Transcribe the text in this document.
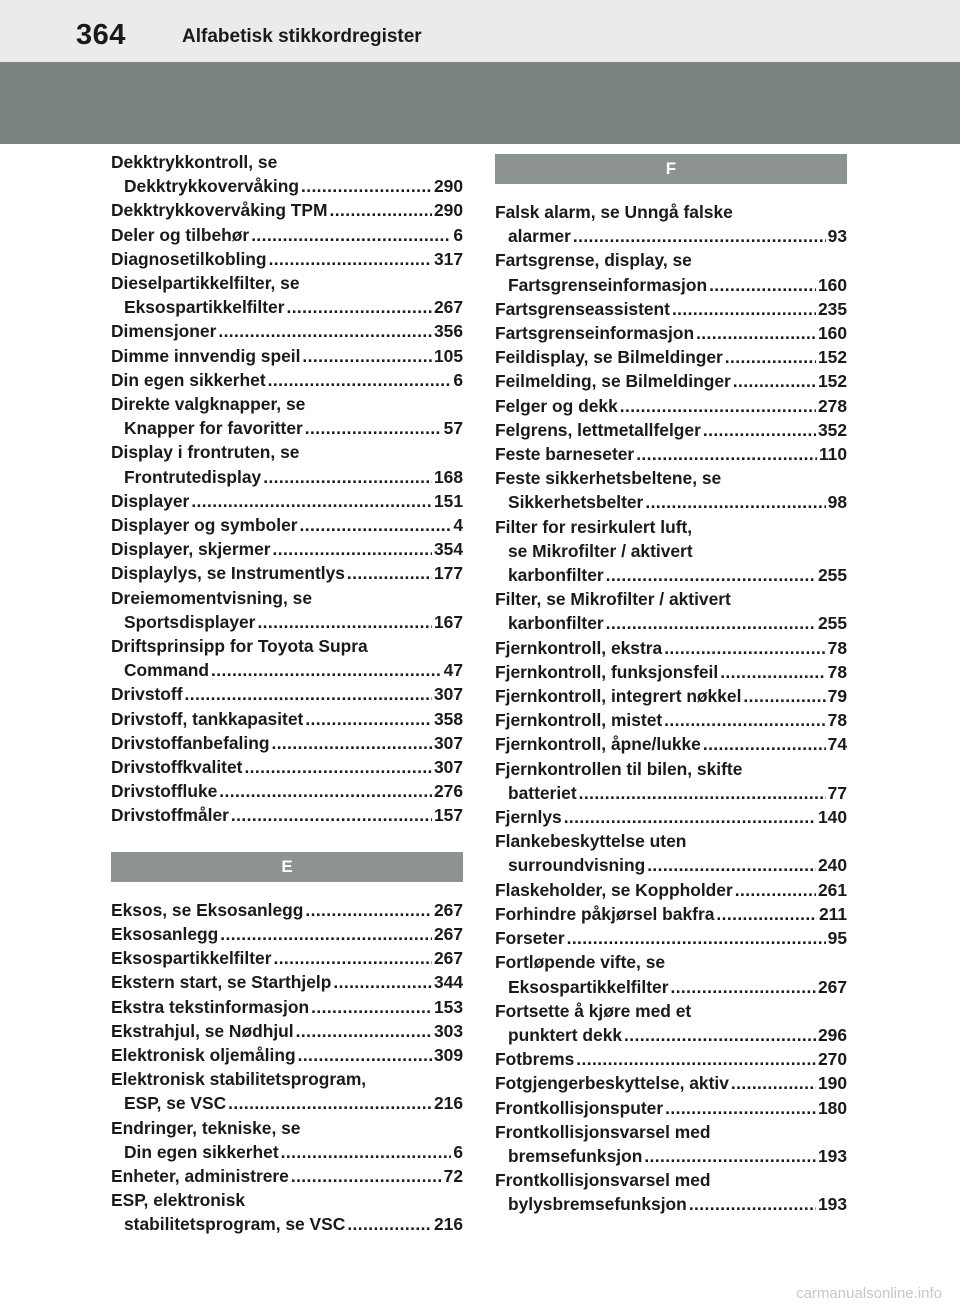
364	Alfabetisk stikkordregister
Dekktrykkontroll, se
Dekktrykkovervåking .....	290
Dekktrykkovervåking TPM .....	290
Deler og tilbehør .....	6
Diagnosetilkobling .....	317
Dieselpartikkelfilter, se
Eksospartikkelfilter .....	267
Dimensjoner .....	356
Dimme innvendig speil .....	105
Din egen sikkerhet .....	6
Direkte valgknapper, se
Knapper for favoritter .....	57
Display i frontruten, se
Frontrutedisplay .....	168
Displayer .....	151
Displayer og symboler .....	4
Displayer, skjermer .....	354
Displaylys, se Instrumentlys .....	177
Dreiemomentvisning, se
Sportsdisplayer .....	167
Driftsprinsipp for Toyota Supra
Command .....	47
Drivstoff .....	307
Drivstoff, tankkapasitet .....	358
Drivstoffanbefaling .....	307
Drivstoffkvalitet .....	307
Drivstoffluke .....	276
Drivstoffmåler .....	157
E
Eksos, se Eksosanlegg .....	267
Eksosanlegg .....	267
Eksospartikkelfilter .....	267
Ekstern start, se Starthjelp .....	344
Ekstra tekstinformasjon .....	153
Ekstrahjul, se Nødhjul .....	303
Elektronisk oljemåling .....	309
Elektronisk stabilitetsprogram,
ESP, se VSC .....	216
Endringer, tekniske, se
Din egen sikkerhet .....	6
Enheter, administrere .....	72
ESP, elektronisk
stabilitetsprogram, se VSC .....	216
F
Falsk alarm, se Unngå falske
alarmer .....	93
Fartsgrense, display, se
Fartsgrenseinformasjon .....	160
Fartsgrenseassistent .....	235
Fartsgrenseinformasjon .....	160
Feildisplay, se Bilmeldinger .....	152
Feilmelding, se Bilmeldinger .....	152
Felger og dekk .....	278
Felgrens, lettmetallfelger .....	352
Feste barneseter .....	110
Feste sikkerhetsbeltene, se
Sikkerhetsbelter .....	98
Filter for resirkulert luft,
se Mikrofilter / aktivert
karbonfilter .....	255
Filter, se Mikrofilter / aktivert
karbonfilter .....	255
Fjernkontroll, ekstra .....	78
Fjernkontroll, funksjonsfeil .....	78
Fjernkontroll, integrert nøkkel .....	79
Fjernkontroll, mistet .....	78
Fjernkontroll, åpne/lukke .....	74
Fjernkontrollen til bilen, skifte
batteriet .....	77
Fjernlys .....	140
Flankebeskyttelse uten
surroundvisning .....	240
Flaskeholder, se Koppholder .....	261
Forhindre påkjørsel bakfra .....	211
Forseter .....	95
Fortløpende vifte, se
Eksospartikkelfilter .....	267
Fortsette å kjøre med et
punktert dekk .....	296
Fotbrems .....	270
Fotgjengerbeskyttelse, aktiv .....	190
Frontkollisjonsputer .....	180
Frontkollisjonsvarsel med
bremsefunksjon .....	193
Frontkollisjonsvarsel med
bylysbremsefunksjon .....	193
carmanualsonline.info
